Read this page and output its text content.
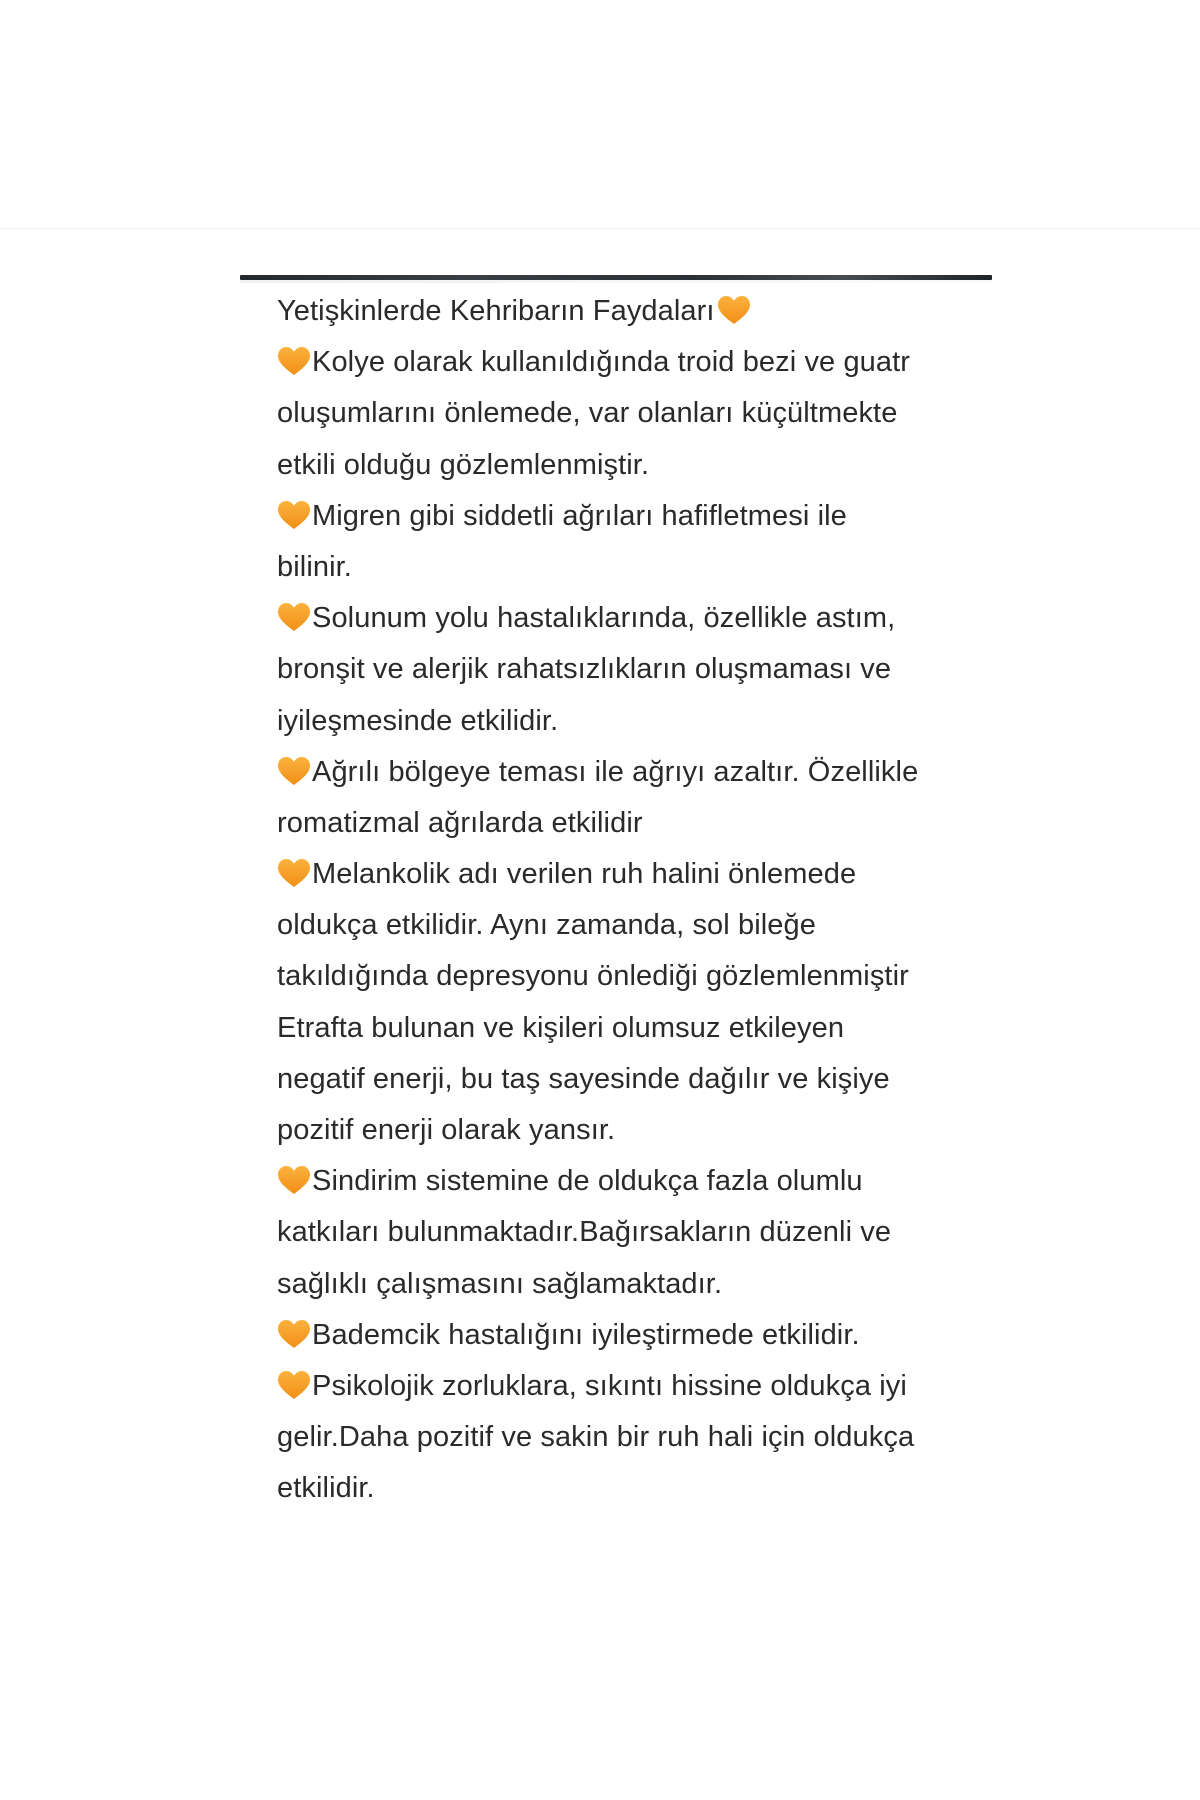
Yetişkinlerde Kehribarın Faydaları
Kolye olarak kullanıldığında troid bezi ve guatr
oluşumlarını önlemede, var olanları küçültmekte
etkili olduğu gözlemlenmiştir.
Migren gibi siddetli ağrıları hafifletmesi ile
bilinir.
Solunum yolu hastalıklarında, özellikle astım,
bronşit ve alerjik rahatsızlıkların oluşmaması ve
iyileşmesinde etkilidir.
Ağrılı bölgeye teması ile ağrıyı azaltır. Özellikle
romatizmal ağrılarda etkilidir
Melankolik adı verilen ruh halini önlemede
oldukça etkilidir. Aynı zamanda, sol bileğe
takıldığında depresyonu önlediği gözlemlenmiştir
Etrafta bulunan ve kişileri olumsuz etkileyen
negatif enerji, bu taş sayesinde dağılır ve kişiye
pozitif enerji olarak yansır.
Sindirim sistemine de oldukça fazla olumlu
katkıları bulunmaktadır.Bağırsakların düzenli ve
sağlıklı çalışmasını sağlamaktadır.
Bademcik hastalığını iyileştirmede etkilidir.
Psikolojik zorluklara, sıkıntı hissine oldukça iyi
gelir.Daha pozitif ve sakin bir ruh hali için oldukça
etkilidir.
